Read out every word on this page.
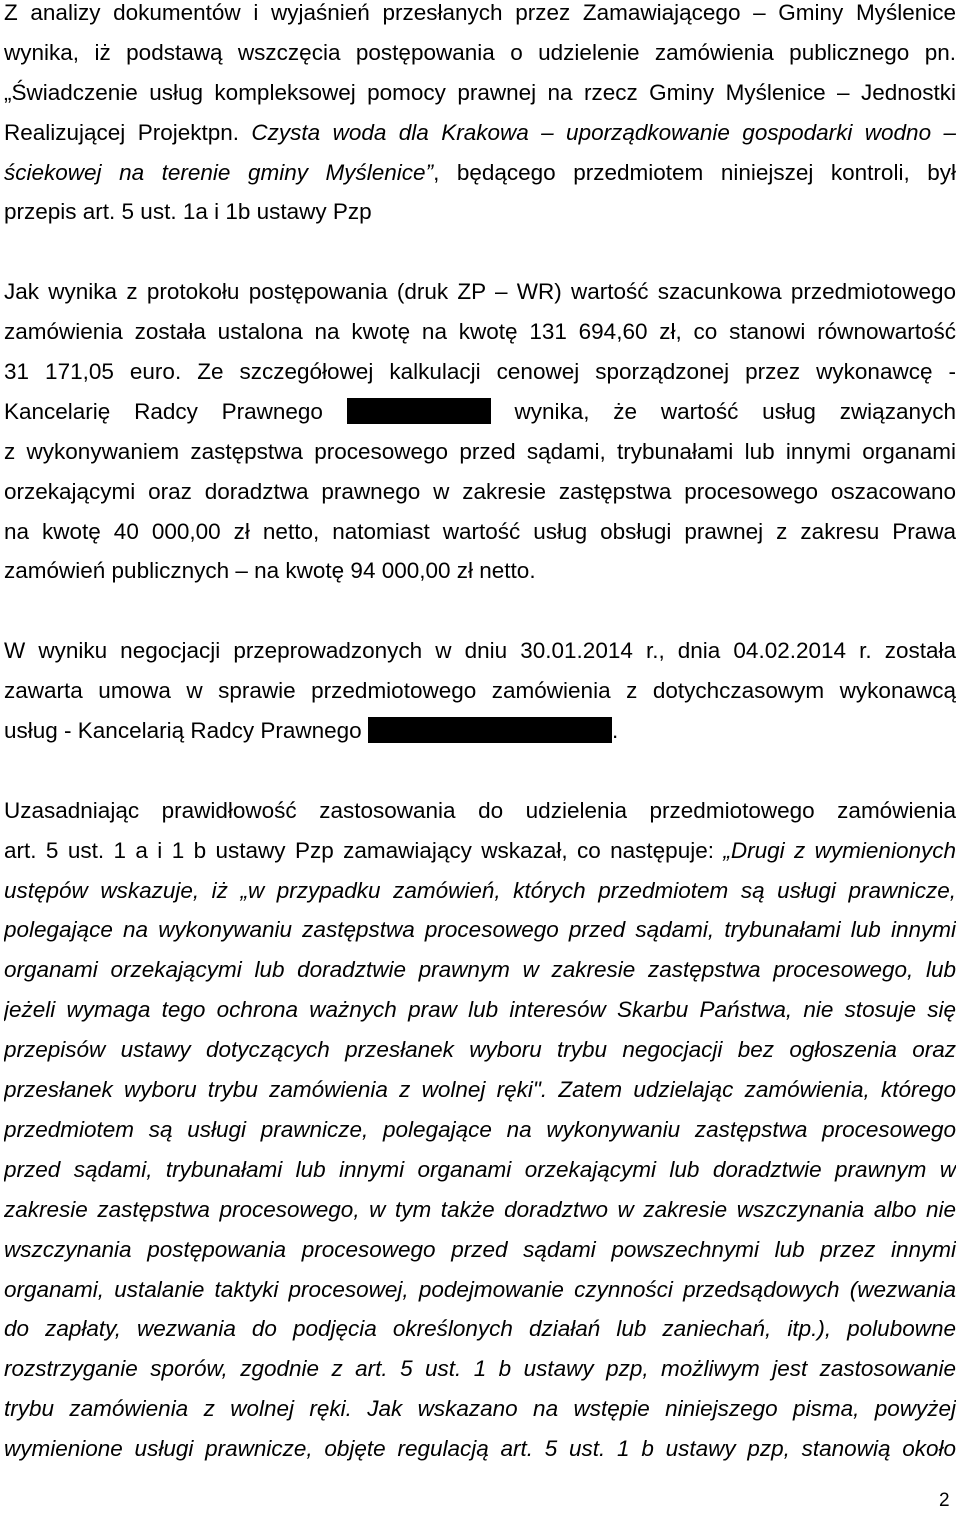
Z analizy dokumentów i wyjaśnień przesłanych przez Zamawiającego – Gminy Myślenice
wynika, iż podstawą wszczęcia postępowania o udzielenie zamówienia publicznego pn.
„Świadczenie usług kompleksowej pomocy prawnej na rzecz Gminy Myślenice – Jednostki
Realizującej Projektpn. Czysta woda dla Krakowa – uporządkowanie gospodarki wodno –
ściekowej na terenie gminy Myślenice”, będącego przedmiotem niniejszej kontroli, był
przepis art. 5 ust. 1a i 1b ustawy Pzp
Jak wynika z protokołu postępowania (druk ZP – WR) wartość szacunkowa przedmiotowego
zamówienia została ustalona na kwotę na kwotę 131 694,60 zł, co stanowi równowartość
31 171,05 euro. Ze szczegółowej kalkulacji cenowej sporządzonej przez wykonawcę -
Kancelarię Radcy Prawnego	wynika, że wartość usług związanych
z wykonywaniem zastępstwa procesowego przed sądami, trybunałami lub innymi organami
orzekającymi oraz doradztwa prawnego w zakresie zastępstwa procesowego oszacowano
na kwotę 40 000,00 zł netto, natomiast wartość usług obsługi prawnej z zakresu Prawa
zamówień publicznych – na kwotę 94 000,00 zł netto.
W wyniku negocjacji przeprowadzonych w dniu 30.01.2014 r., dnia 04.02.2014 r. została
zawarta umowa w sprawie przedmiotowego zamówienia z dotychczasowym wykonawcą
usług - Kancelarią Radcy Prawnego	.
Uzasadniając prawidłowość zastosowania do udzielenia przedmiotowego zamówienia
art. 5 ust. 1 a i 1 b ustawy Pzp zamawiający wskazał, co następuje: „Drugi z wymienionych
ustępów wskazuje, iż „w przypadku zamówień, których przedmiotem są usługi prawnicze,
polegające na wykonywaniu zastępstwa procesowego przed sądami, trybunałami lub innymi
organami orzekającymi lub doradztwie prawnym w zakresie zastępstwa procesowego, lub
jeżeli wymaga tego ochrona ważnych praw lub interesów Skarbu Państwa, nie stosuje się
przepisów ustawy dotyczących przesłanek wyboru trybu negocjacji bez ogłoszenia oraz
przesłanek wyboru trybu zamówienia z wolnej ręki". Zatem udzielając zamówienia, którego
przedmiotem są usługi prawnicze, polegające na wykonywaniu zastępstwa procesowego
przed sądami, trybunałami lub innymi organami orzekającymi lub doradztwie prawnym w
zakresie zastępstwa procesowego, w tym także doradztwo w zakresie wszczynania albo nie
wszczynania postępowania procesowego przed sądami powszechnymi lub przez innymi
organami, ustalanie taktyki procesowej, podejmowanie czynności przedsądowych (wezwania
do zapłaty, wezwania do podjęcia określonych działań lub zaniechań, itp.), polubowne
rozstrzyganie sporów, zgodnie z art. 5 ust. 1 b ustawy pzp, możliwym jest zastosowanie
trybu zamówienia z wolnej ręki. Jak wskazano na wstępie niniejszego pisma, powyżej
wymienione usługi prawnicze, objęte regulacją art. 5 ust. 1 b ustawy pzp, stanowią około
2
